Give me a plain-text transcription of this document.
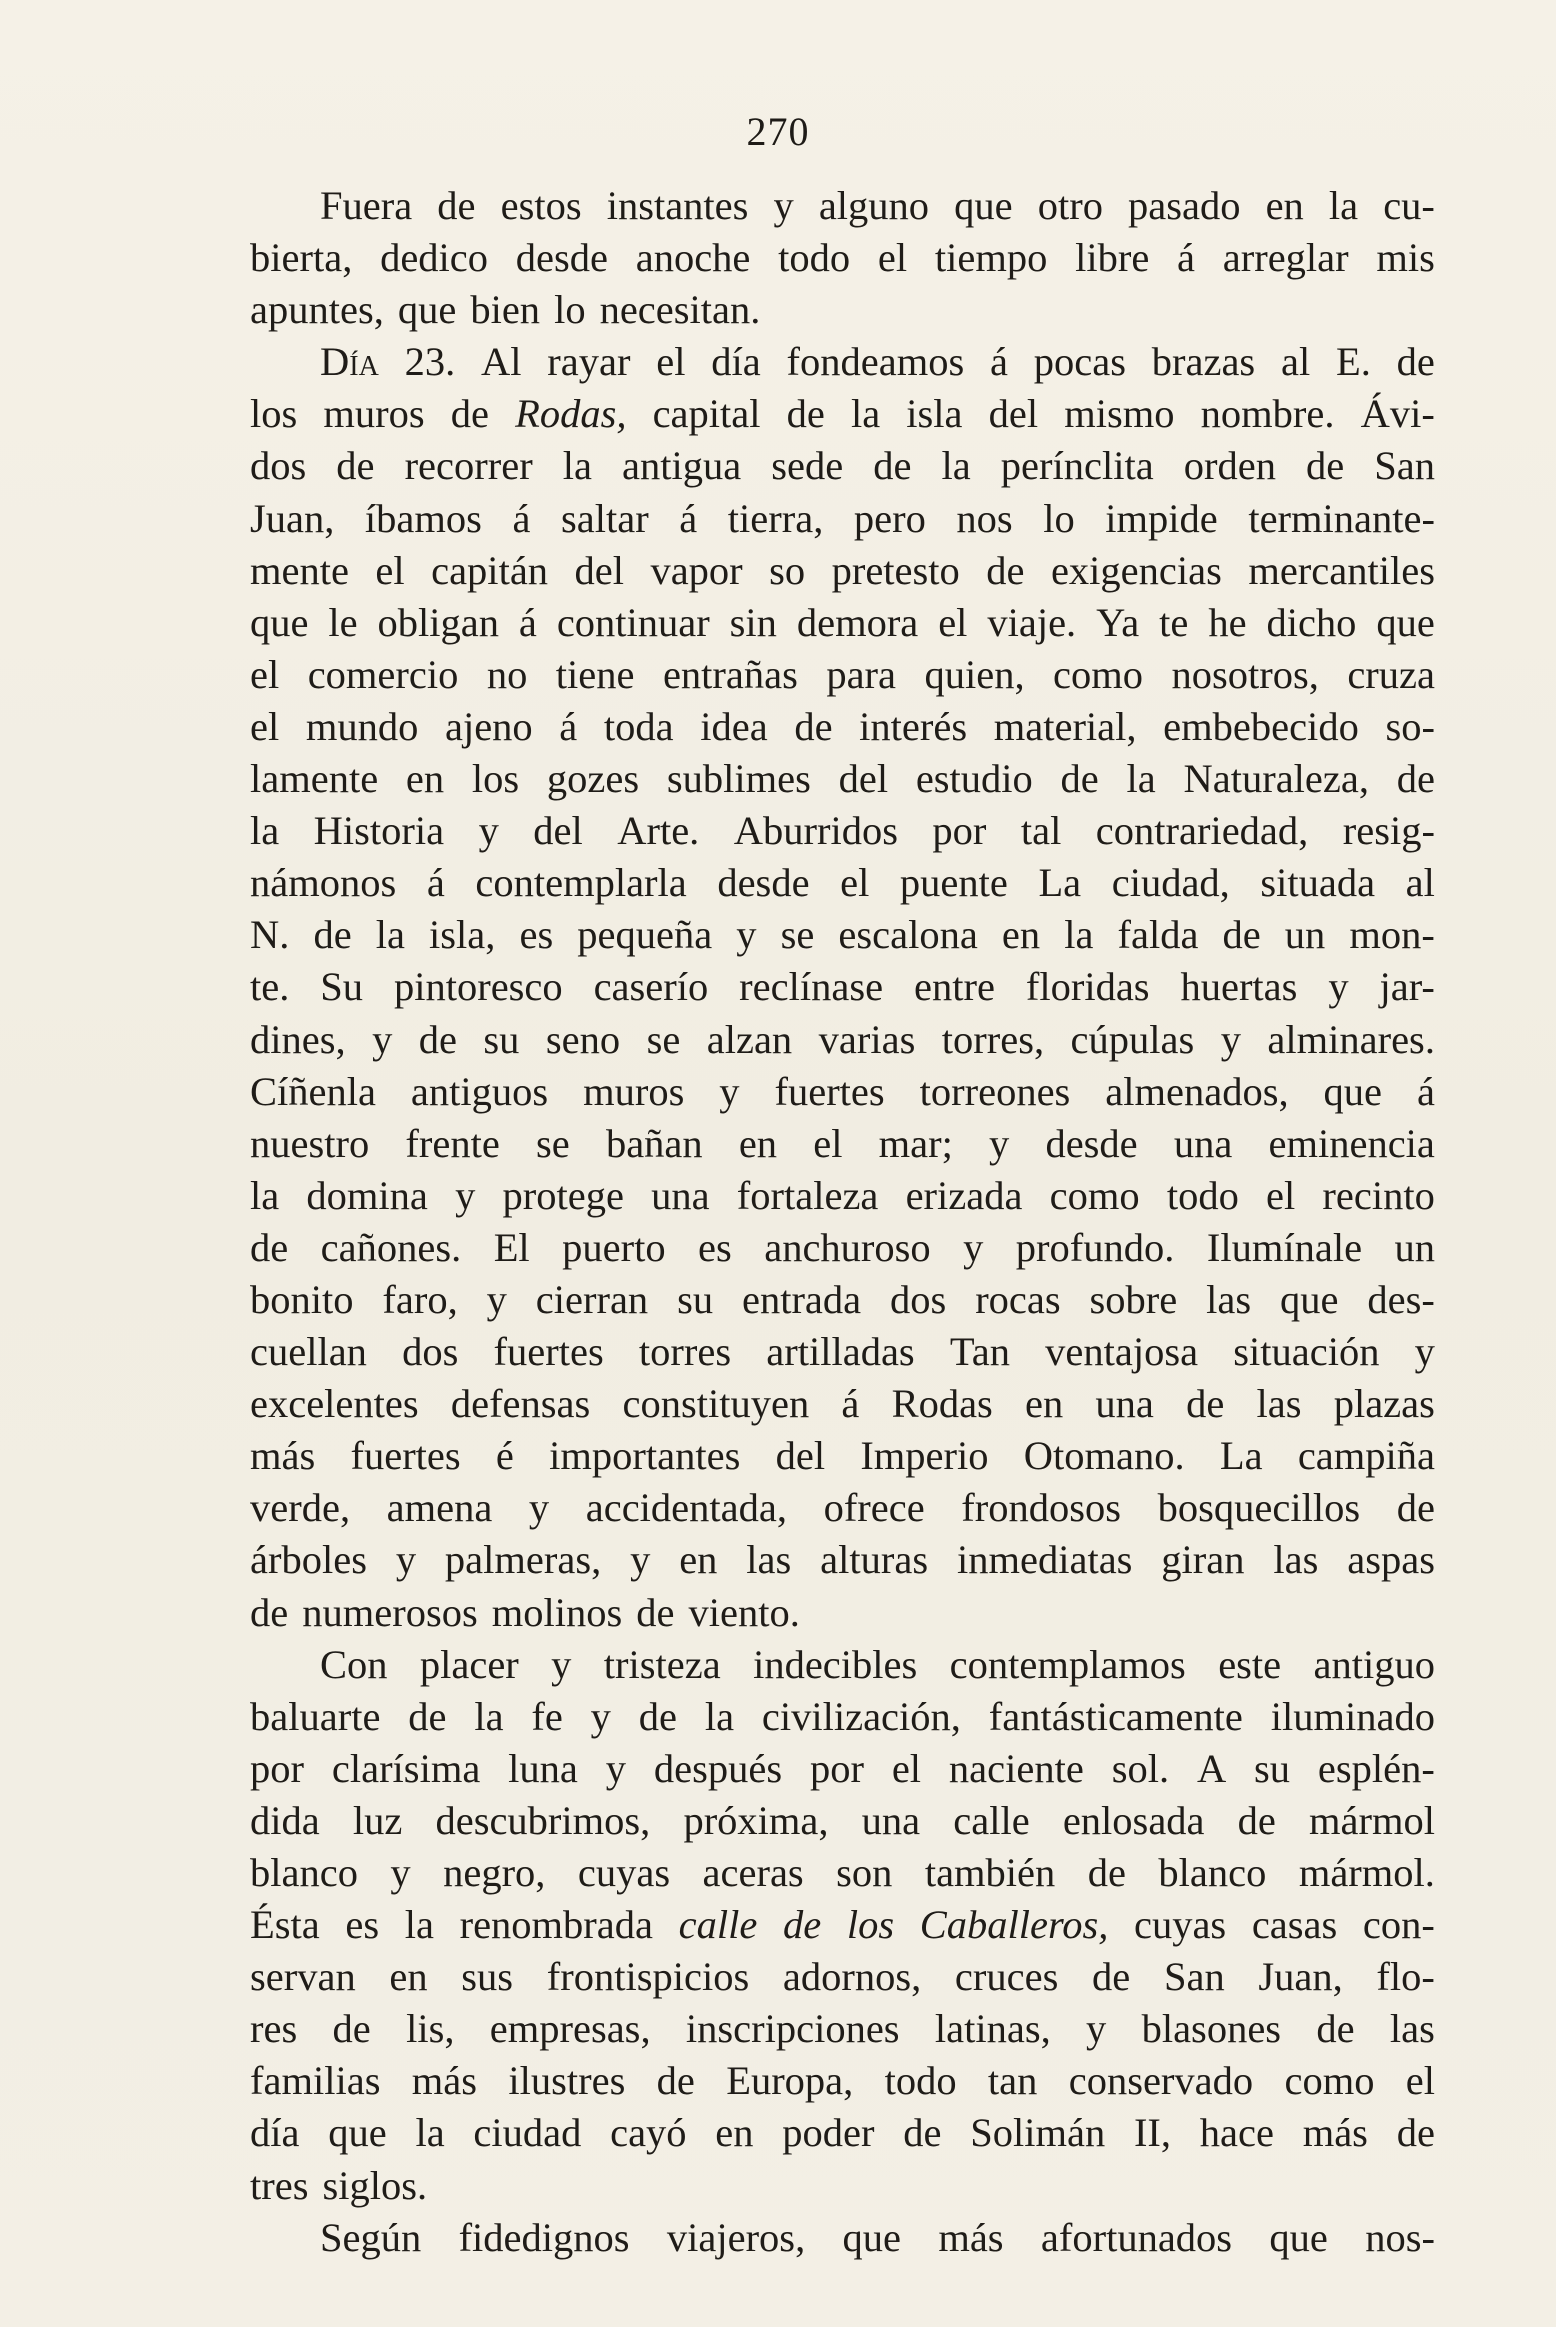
270
Fuera de estos instantes y alguno que otro pasado en la cu-
bierta, dedico desde anoche todo el tiempo libre á arreglar mis
apuntes, que bien lo necesitan.
Día 23. Al rayar el día fondeamos á pocas brazas al E. de
los muros de Rodas, capital de la isla del mismo nombre. Ávi-
dos de recorrer la antigua sede de la perínclita orden de San
Juan, íbamos á saltar á tierra, pero nos lo impide terminante-
mente el capitán del vapor so pretesto de exigencias mercantiles
que le obligan á continuar sin demora el viaje. Ya te he dicho que
el comercio no tiene entrañas para quien, como nosotros, cruza
el mundo ajeno á toda idea de interés material, embebecido so-
lamente en los gozes sublimes del estudio de la Naturaleza, de
la Historia y del Arte. Aburridos por tal contrariedad, resig-
námonos á contemplarla desde el puente La ciudad, situada al
N. de la isla, es pequeña y se escalona en la falda de un mon-
te. Su pintoresco caserío reclínase entre floridas huertas y jar-
dines, y de su seno se alzan varias torres, cúpulas y alminares.
Cíñenla antiguos muros y fuertes torreones almenados, que á
nuestro frente se bañan en el mar; y desde una eminencia
la domina y protege una fortaleza erizada como todo el recinto
de cañones. El puerto es anchuroso y profundo. Ilumínale un
bonito faro, y cierran su entrada dos rocas sobre las que des-
cuellan dos fuertes torres artilladas Tan ventajosa situación y
excelentes defensas constituyen á Rodas en una de las plazas
más fuertes é importantes del Imperio Otomano. La campiña
verde, amena y accidentada, ofrece frondosos bosquecillos de
árboles y palmeras, y en las alturas inmediatas giran las aspas
de numerosos molinos de viento.
Con placer y tristeza indecibles contemplamos este antiguo
baluarte de la fe y de la civilización, fantásticamente iluminado
por clarísima luna y después por el naciente sol. A su esplén-
dida luz descubrimos, próxima, una calle enlosada de mármol
blanco y negro, cuyas aceras son también de blanco mármol.
Ésta es la renombrada calle de los Caballeros, cuyas casas con-
servan en sus frontispicios adornos, cruces de San Juan, flo-
res de lis, empresas, inscripciones latinas, y blasones de las
familias más ilustres de Europa, todo tan conservado como el
día que la ciudad cayó en poder de Solimán II, hace más de
tres siglos.
Según fidedignos viajeros, que más afortunados que nos-
